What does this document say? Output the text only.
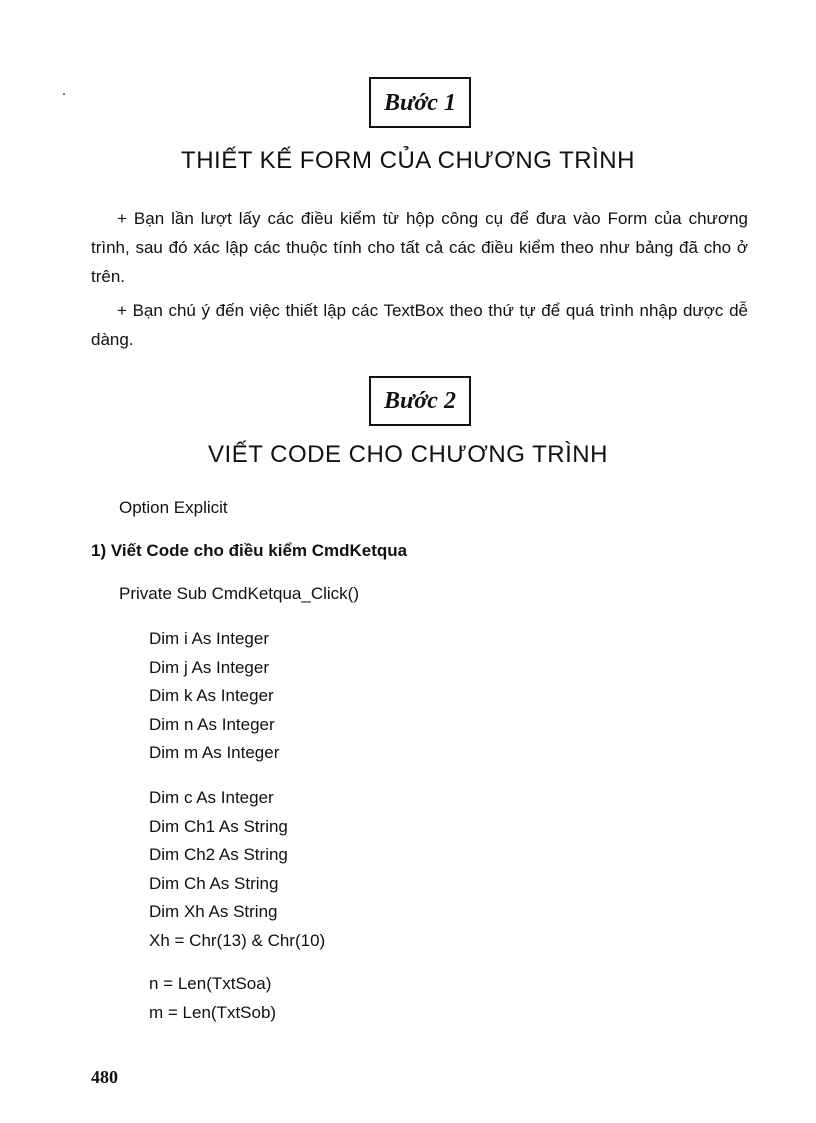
Bước 1
THIẾT KẾ FORM CỦA CHƯƠNG TRÌNH
+ Bạn lần lượt lấy các điều kiểm từ hộp công cụ để đưa vào Form của chương trình, sau đó xác lập các thuộc tính cho tất cả các điều kiểm theo như bảng đã cho ở trên.
+ Bạn chú ý đến việc thiết lập các TextBox theo thứ tự để quá trình nhập dược dễ dàng.
Bước 2
VIẾT CODE CHO CHƯƠNG TRÌNH
Option Explicit
1) Viết Code cho điều kiểm CmdKetqua
Private Sub CmdKetqua_Click()
Dim i As Integer
Dim j As Integer
Dim k As Integer
Dim n As Integer
Dim m As Integer
Dim c As Integer
Dim Ch1 As String
Dim Ch2 As String
Dim Ch As String
Dim Xh As String
Xh = Chr(13) & Chr(10)
n = Len(TxtSoa)
m = Len(TxtSob)
480
